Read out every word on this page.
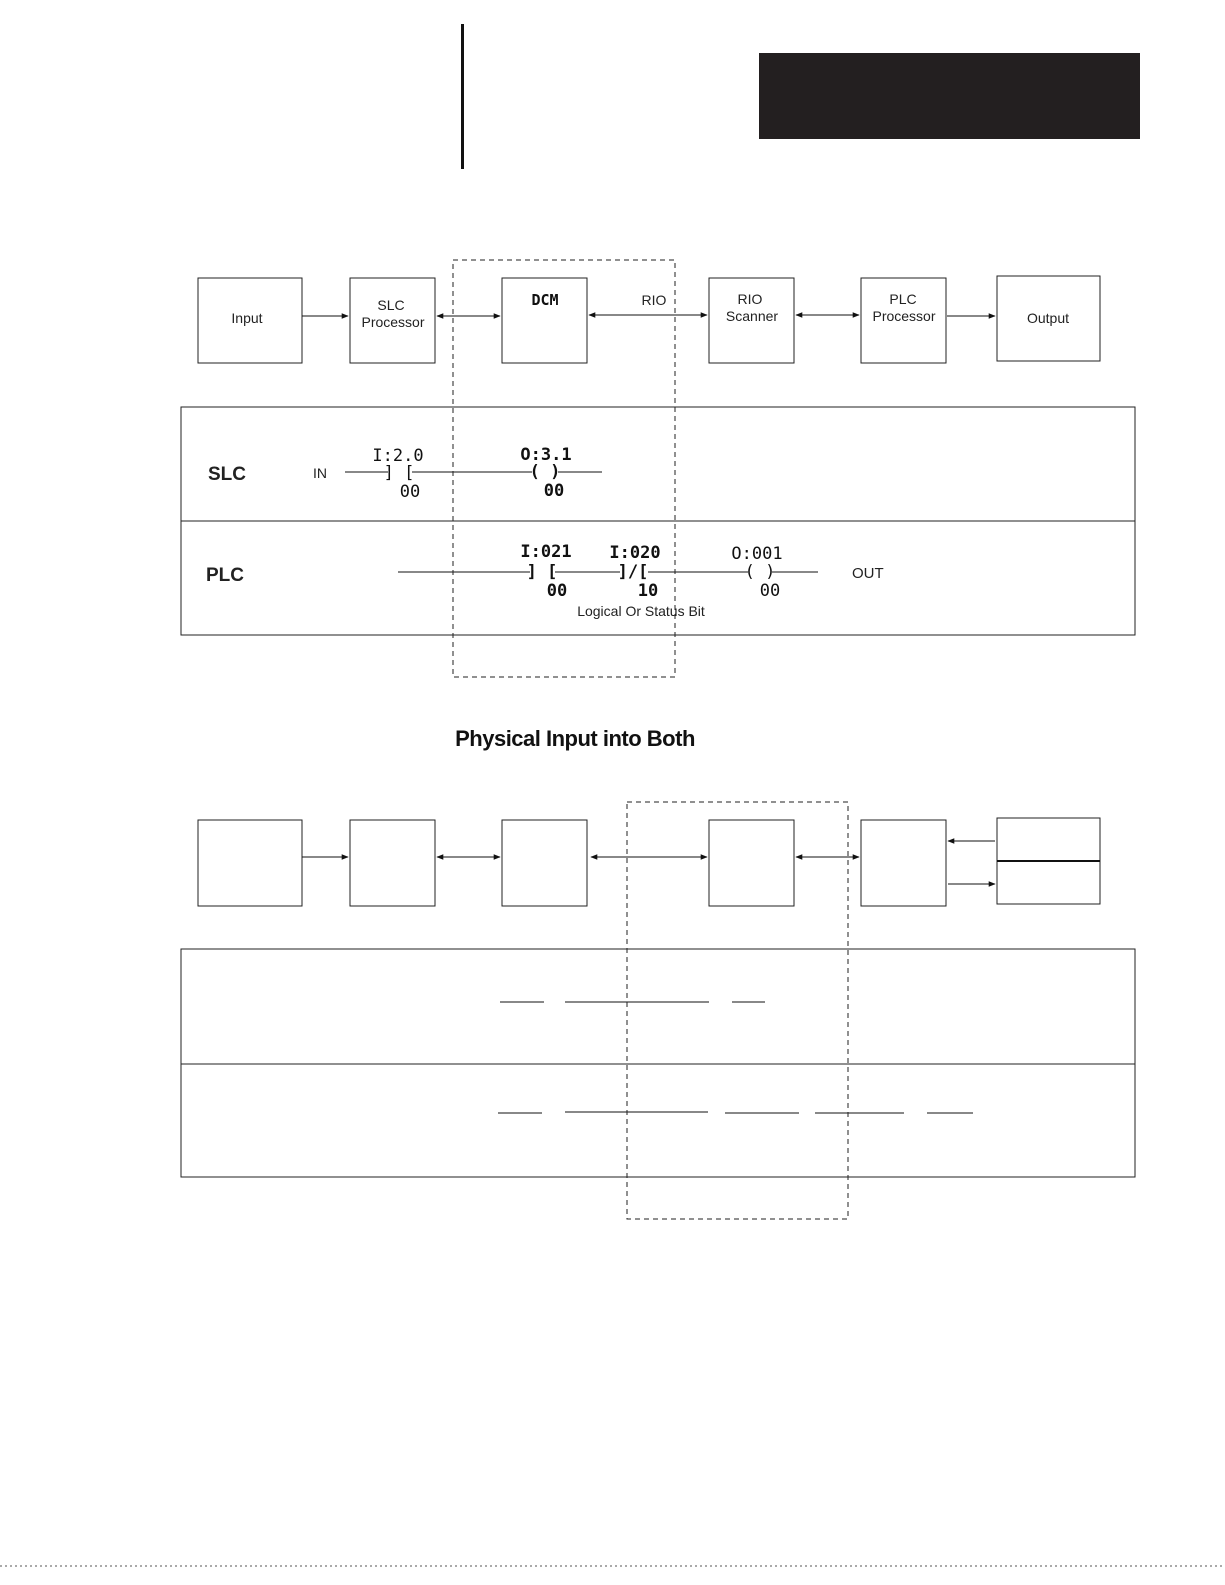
Input
SLC
Processor
DCM	RIO	RIO
Scanner
PLC
Processor	Output
SLC	IN
I:2.0
] [
00
O:3.1
( )
00
PLC
I:021
] [
00
I:020
]/[
10
Logical Or Status Bit
O:001
( )
00
OUT
Physical Input into Both
